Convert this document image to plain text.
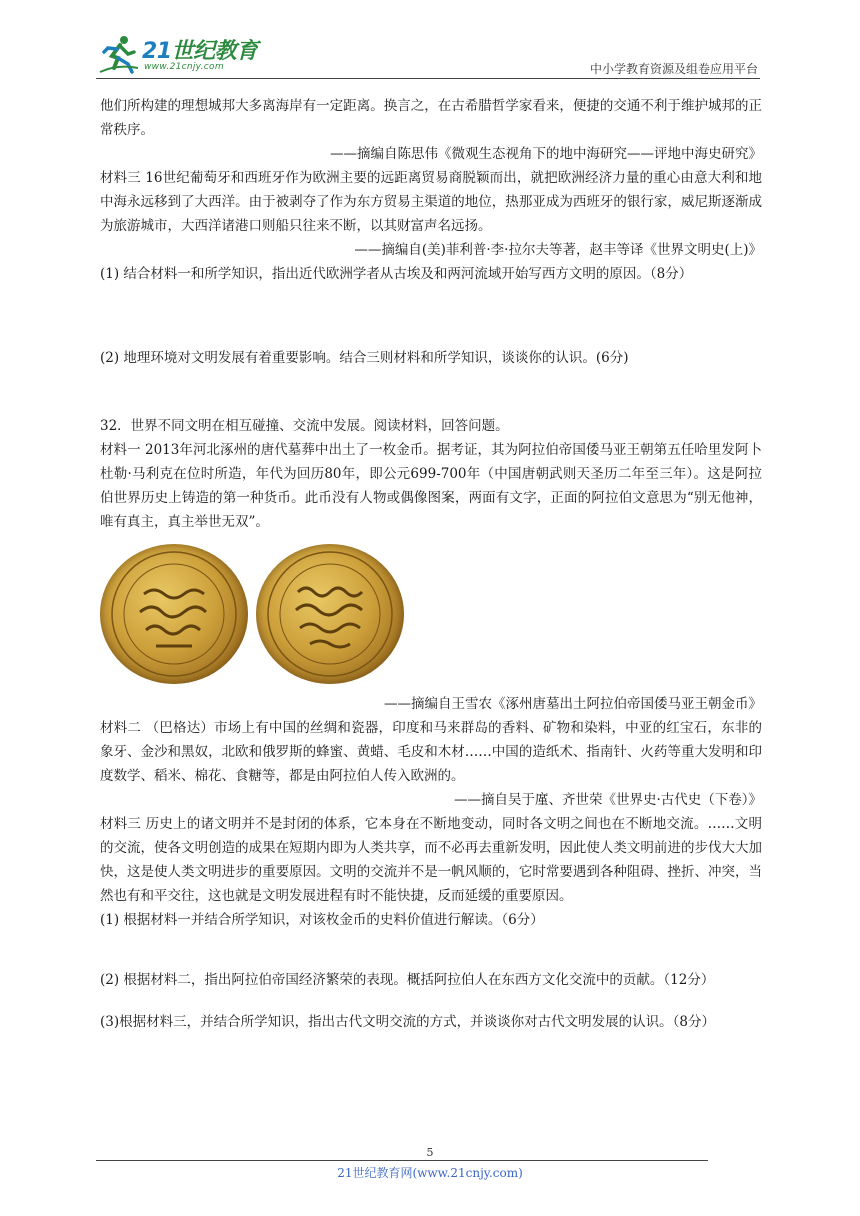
21世纪教育
www.21cnjy.com	中小学教育资源及组卷应用平台

他们所构建的理想城邦大多离海岸有一定距离。换言之，在古希腊哲学家看来，便捷的交通不利于维护城邦的正常秩序。

——摘编自陈思伟《微观生态视角下的地中海研究——评地中海史研究》

材料三 16世纪葡萄牙和西班牙作为欧洲主要的远距离贸易商脱颖而出，就把欧洲经济力量的重心由意大利和地中海永远移到了大西洋。由于被剥夺了作为东方贸易主渠道的地位，热那亚成为西班牙的银行家，威尼斯逐渐成为旅游城市，大西洋诸港口则船只往来不断，以其财富声名远扬。

——摘编自(美)菲利普·李·拉尔夫等著，赵丰等译《世界文明史(上)》

(1) 结合材料一和所学知识，指出近代欧洲学者从古埃及和两河流域开始写西方文明的原因。（8分）

(2) 地理环境对文明发展有着重要影响。结合三则材料和所学知识，谈谈你的认识。(6分)

32．世界不同文明在相互碰撞、交流中发展。阅读材料，回答问题。

材料一 2013年河北涿州的唐代墓葬中出土了一枚金币。据考证，其为阿拉伯帝国倭马亚王朝第五任哈里发阿卜杜勒·马利克在位时所造，年代为回历80年，即公元699-700年（中国唐朝武则天圣历二年至三年）。这是阿拉伯世界历史上铸造的第一种货币。此币没有人物或偶像图案，两面有文字，正面的阿拉伯文意思为“别无他神，唯有真主，真主举世无双”。

——摘编自王雪农《涿州唐墓出土阿拉伯帝国倭马亚王朝金币》

材料二 （巴格达）市场上有中国的丝绸和瓷器，印度和马来群岛的香料、矿物和染料，中亚的红宝石，东非的象牙、金沙和黑奴，北欧和俄罗斯的蜂蜜、黄蜡、毛皮和木材……中国的造纸术、指南针、火药等重大发明和印度数学、稻米、棉花、食糖等，都是由阿拉伯人传入欧洲的。

——摘自吴于廑、齐世荣《世界史·古代史（下卷）》

材料三 历史上的诸文明并不是封闭的体系，它本身在不断地变动，同时各文明之间也在不断地交流。……文明的交流，使各文明创造的成果在短期内即为人类共享，而不必再去重新发明，因此使人类文明前进的步伐大大加快，这是使人类文明进步的重要原因。文明的交流并不是一帆风顺的，它时常要遇到各种阻碍、挫折、冲突，当然也有和平交往，这也就是文明发展进程有时不能快捷，反而延缓的重要原因。

(1) 根据材料一并结合所学知识，对该枚金币的史料价值进行解读。（6分）

(2) 根据材料二，指出阿拉伯帝国经济繁荣的表现。概括阿拉伯人在东西方文化交流中的贡献。（12分）

(3)根据材料三，并结合所学知识，指出古代文明交流的方式，并谈谈你对古代文明发展的认识。（8分）

5
21世纪教育网(www.21cnjy.com)
